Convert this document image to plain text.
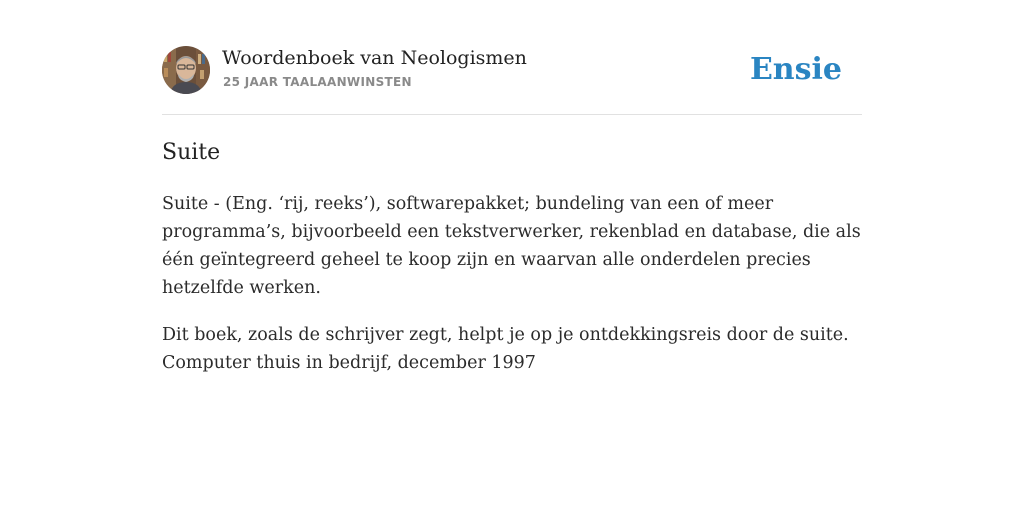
Woordenboek van Neologismen
25 JAAR TAALAANWINSTEN	Ensie
Suite

Suite - (Eng. ‘rij, reeks’), softwarepakket; bundeling van een of meer programma’s, bijvoorbeeld een tekstverwerker, rekenblad en database, die als één geïntegreerd geheel te koop zijn en waarvan alle onderdelen precies hetzelfde werken.

Dit boek, zoals de schrijver zegt, helpt je op je ontdekkingsreis door de suite.
Computer thuis in bedrijf, december 1997
